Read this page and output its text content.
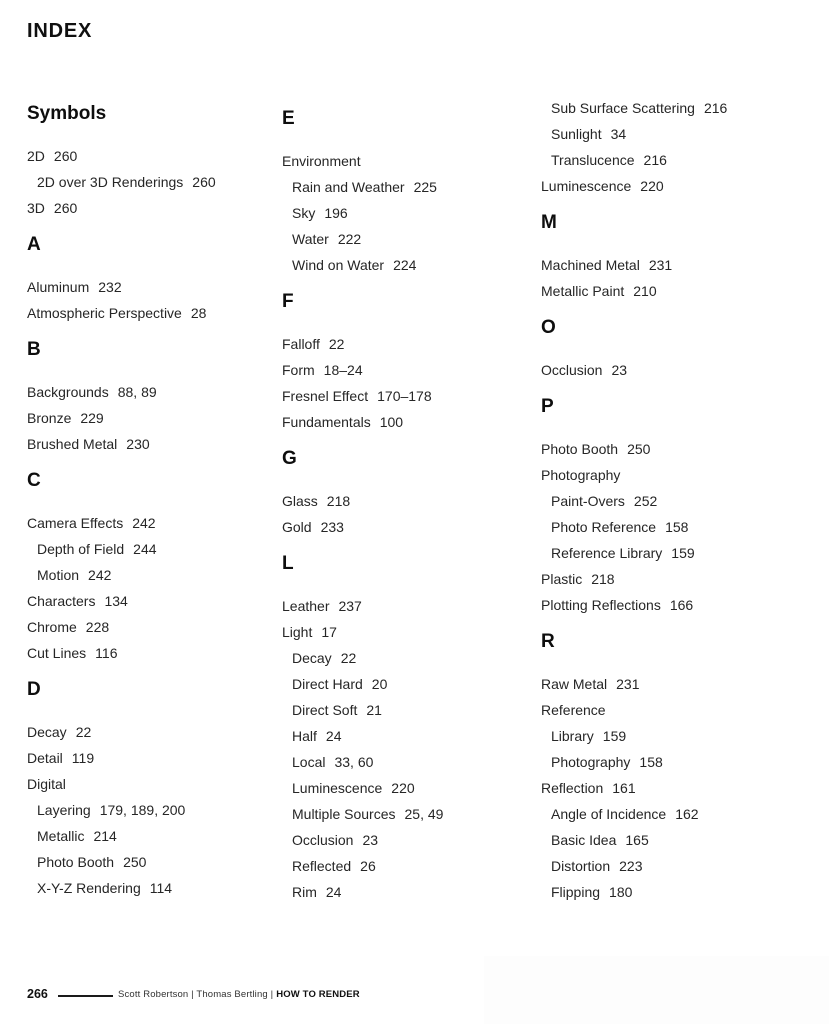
INDEX
Symbols
2D 260
2D over 3D Renderings 260
3D 260
A
Aluminum 232
Atmospheric Perspective 28
B
Backgrounds 88, 89
Bronze 229
Brushed Metal 230
C
Camera Effects 242
Depth of Field 244
Motion 242
Characters 134
Chrome 228
Cut Lines 116
D
Decay 22
Detail 119
Digital
Layering 179, 189, 200
Metallic 214
Photo Booth 250
X-Y-Z Rendering 114
E
Environment
Rain and Weather 225
Sky 196
Water 222
Wind on Water 224
F
Falloff 22
Form 18–24
Fresnel Effect 170–178
Fundamentals 100
G
Glass 218
Gold 233
L
Leather 237
Light 17
Decay 22
Direct Hard 20
Direct Soft 21
Half 24
Local 33, 60
Luminescence 220
Multiple Sources 25, 49
Occlusion 23
Reflected 26
Rim 24
Sub Surface Scattering 216
Sunlight 34
Translucence 216
Luminescence 220
M
Machined Metal 231
Metallic Paint 210
O
Occlusion 23
P
Photo Booth 250
Photography
Paint-Overs 252
Photo Reference 158
Reference Library 159
Plastic 218
Plotting Reflections 166
R
Raw Metal 231
Reference
Library 159
Photography 158
Reflection 161
Angle of Incidence 162
Basic Idea 165
Distortion 223
Flipping 180
266	Scott Robertson | Thomas Bertling | HOW TO RENDER
